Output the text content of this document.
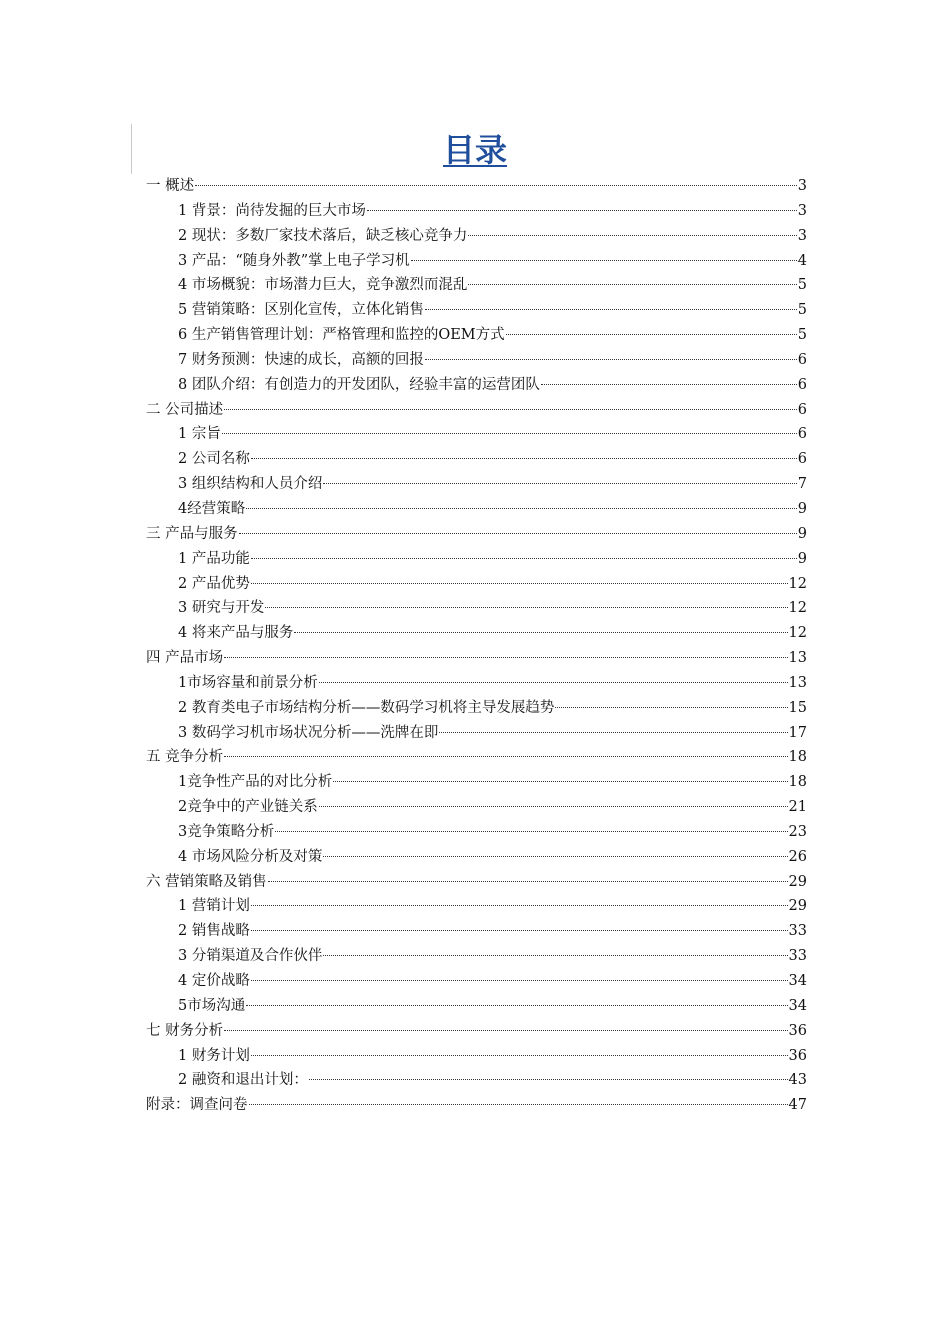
目录
一 概述	3
1 背景：尚待发掘的巨大市场	3
2 现状：多数厂家技术落后，缺乏核心竞争力	3
3 产品：“随身外教”掌上电子学习机	4
4 市场概貌：市场潜力巨大，竞争激烈而混乱	5
5 营销策略：区别化宣传，立体化销售	5
6 生产销售管理计划：严格管理和监控的OEM方式	5
7 财务预测：快速的成长，高额的回报	6
8 团队介绍：有创造力的开发团队，经验丰富的运营团队	6
二 公司描述	6
1 宗旨	6
2 公司名称	6
3 组织结构和人员介绍	7
4经营策略	9
三 产品与服务	9
1 产品功能	9
2 产品优势	12
3 研究与开发	12
4 将来产品与服务	12
四 产品市场	13
1市场容量和前景分析	13
2 教育类电子市场结构分析——数码学习机将主导发展趋势	15
3 数码学习机市场状况分析——洗牌在即	17
五 竞争分析	18
1竞争性产品的对比分析	18
2竞争中的产业链关系	21
3竞争策略分析	23
4 市场风险分析及对策	26
六 营销策略及销售	29
1 营销计划	29
2 销售战略	33
3 分销渠道及合作伙伴	33
4 定价战略	34
5市场沟通	34
七 财务分析	36
1 财务计划	36
2 融资和退出计划：	43
附录：调查问卷	47
